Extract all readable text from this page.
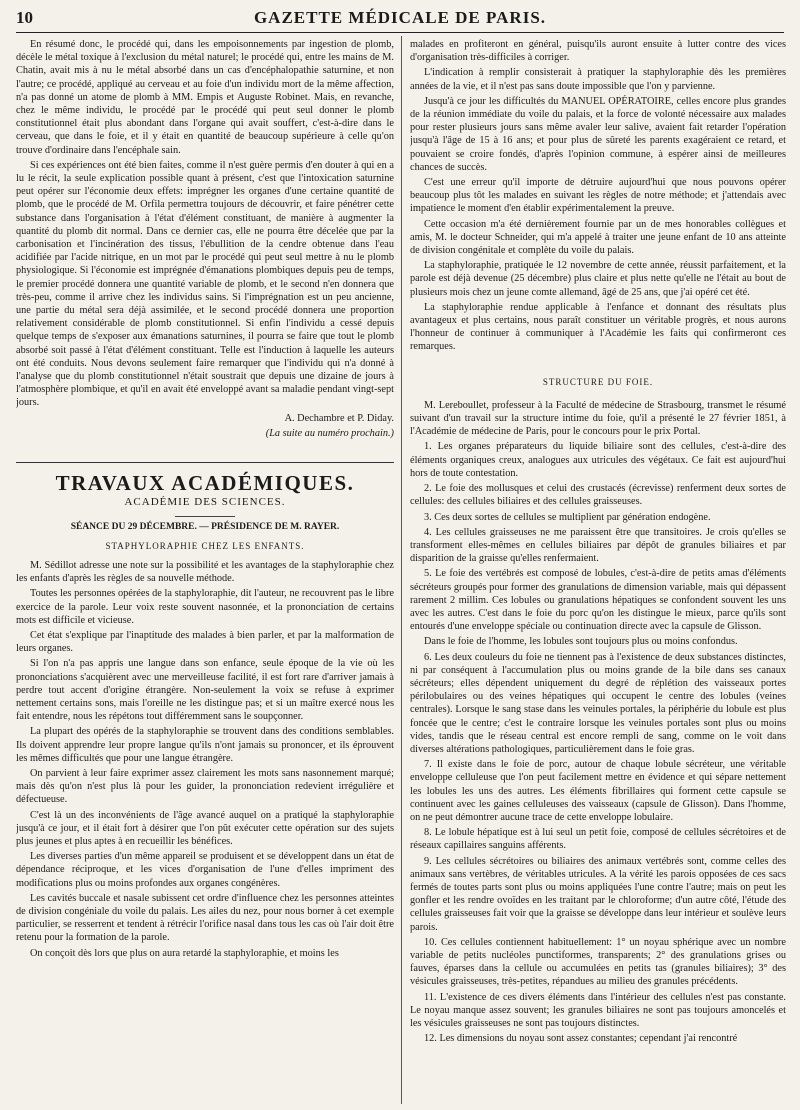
10	GAZETTE MÉDICALE DE PARIS.

En résumé donc, le procédé qui, dans les empoisonnements par ingestion de plomb, décèle le métal toxique à l'exclusion du métal naturel; le procédé qui, entre les mains de M. Chatin, avait mis à nu le métal absorbé dans un cas d'encéphalopathie saturnine, et non l'autre; ce procédé, appliqué au cerveau et au foie d'un individu mort de la même affection, n'a pas donné un atome de plomb à MM. Empis et Auguste Robinet. Mais, en revanche, chez le même individu, le procédé par le procédé qui peut seul donner le plomb constitutionnel était plus abondant dans l'organe qui avait souffert, c'est-à-dire dans le cerveau, que dans le foie, et il y était en quantité de beaucoup supérieure à celle qu'on trouve d'ordinaire dans l'encéphale sain.

Si ces expériences ont été bien faites, comme il n'est guère permis d'en douter à qui en a lu le récit, la seule explication possible quant à présent, c'est que l'intoxication saturnine peut opérer sur l'économie deux effets: imprégner les organes d'une certaine quantité de plomb, que le procédé de M. Orfila permettra toujours de découvrir, et faire pénétrer cette substance dans l'organisation à l'état d'élément constituant, de manière à augmenter la quantité du plomb dit normal. Dans ce dernier cas, elle ne pourra être décelée que par la carbonisation et l'incinération des tissus, l'ébullition de la cendre obtenue dans l'eau acidifiée par l'acide nitrique, en un mot par le procédé qui peut seul mettre à nu le plomb physiologique. Si l'économie est imprégnée d'émanations plombiques depuis peu de temps, le premier procédé donnera une quantité variable de plomb, et le second n'en donnera que très-peu, comme il arrive chez les individus sains. Si l'imprégnation est un peu ancienne, une partie du métal sera déjà assimilée, et le second procédé donnera une proportion relativement considérable de plomb constitutionnel. Si enfin l'individu a cessé depuis quelque temps de s'exposer aux émanations saturnines, il pourra se faire que tout le plomb absorbé soit passé à l'état d'élément constituant. Telle est l'induction à laquelle les auteurs ont été conduits. Nous devons seulement faire remarquer que l'individu qui n'a donné à l'analyse que du plomb constitutionnel n'était soustrait que depuis une dizaine de jours à l'atmosphère plombique, et qu'il en avait été enveloppé avant sa maladie pendant vingt-sept jours.

A. Dechambre et P. Diday.

(La suite au numéro prochain.)

TRAVAUX ACADÉMIQUES.
ACADÉMIE DES SCIENCES.
SÉANCE DU 29 DÉCEMBRE. — PRÉSIDENCE DE M. RAYER.
STAPHYLORAPHIE CHEZ LES ENFANTS.

M. Sédillot adresse une note sur la possibilité et les avantages de la staphyloraphie chez les enfants d'après les règles de sa nouvelle méthode.

Toutes les personnes opérées de la staphyloraphie, dit l'auteur, ne recouvrent pas le libre exercice de la parole. Leur voix reste souvent nasonnée, et la prononciation de certains mots est difficile et vicieuse.

Cet état s'explique par l'inaptitude des malades à bien parler, et par la malformation de leurs organes.

Si l'on n'a pas appris une langue dans son enfance, seule époque de la vie où les prononciations s'acquièrent avec une merveilleuse facilité, il est fort rare d'arriver jamais à perdre tout accent d'origine étrangère. Non-seulement la voix se refuse à exprimer nettement certains sons, mais l'oreille ne les distingue pas; et si un maître exercé nous les fait entendre, nous les répétons tout différemment sans le soupçonner.

La plupart des opérés de la staphyloraphie se trouvent dans des conditions semblables. Ils doivent apprendre leur propre langue qu'ils n'ont jamais su prononcer, et ils éprouvent les mêmes difficultés que pour une langue étrangère.

On parvient à leur faire exprimer assez clairement les mots sans nasonnement marqué; mais dès qu'on n'est plus là pour les guider, la prononciation redevient irrégulière et défectueuse.

C'est là un des inconvénients de l'âge avancé auquel on a pratiqué la staphyloraphie jusqu'à ce jour, et il était fort à désirer que l'on pût exécuter cette opération sur des sujets plus jeunes et plus aptes à en recueillir les bénéfices.

Les diverses parties d'un même appareil se produisent et se développent dans un état de dépendance réciproque, et les vices d'organisation de l'une d'elles impriment des modifications plus ou moins profondes aux organes congénères.

Les cavités buccale et nasale subissent cet ordre d'influence chez les personnes atteintes de division congéniale du voile du palais. Les ailes du nez, pour nous borner à cet exemple particulier, se resserrent et tendent à rétrécir l'orifice nasal dans tous les cas où l'air doit être retenu pour la formation de la parole.

On conçoit dès lors que plus on aura retardé la staphyloraphie, et moins les

malades en profiteront en général, puisqu'ils auront ensuite à lutter contre des vices d'organisation très-difficiles à corriger.

L'indication à remplir consisterait à pratiquer la staphyloraphie dès les premières années de la vie, et il n'est pas sans doute impossible que l'on y parvienne.

Jusqu'à ce jour les difficultés du MANUEL OPÉRATOIRE, celles encore plus grandes de la réunion immédiate du voile du palais, et la force de volonté nécessaire aux malades pour rester plusieurs jours sans même avaler leur salive, avaient fait retarder l'opération jusqu'à l'âge de 15 à 16 ans; et pour plus de sûreté les parents exagéraient ce retard, et pouvaient se croire fondés, d'après l'opinion commune, à espérer ainsi de meilleures chances de succès.

C'est une erreur qu'il importe de détruire aujourd'hui que nous pouvons opérer beaucoup plus tôt les malades en suivant les règles de notre méthode; et j'attendais avec impatience le moment d'en établir expérimentalement la preuve.

Cette occasion m'a été dernièrement fournie par un de mes honorables collègues et amis, M. le docteur Schneider, qui m'a appelé à traiter une jeune enfant de 10 ans atteinte de division congénitale et complète du voile du palais.

La staphyloraphie, pratiquée le 12 novembre de cette année, réussit parfaitement, et la parole est déjà devenue (25 décembre) plus claire et plus nette qu'elle ne l'était au bout de plusieurs mois chez un jeune comte allemand, âgé de 25 ans, que j'ai opéré cet été.

La staphyloraphie rendue applicable à l'enfance et donnant des résultats plus avantageux et plus certains, nous paraît constituer un véritable progrès, et nous aurons l'honneur de continuer à communiquer à l'Académie les faits qui confirmeront ces remarques.

STRUCTURE DU FOIE.

M. Lereboullet, professeur à la Faculté de médecine de Strasbourg, transmet le résumé suivant d'un travail sur la structure intime du foie, qu'il a présenté le 27 février 1851, à l'Académie de médecine de Paris, pour le concours pour le prix Portal.

1. Les organes préparateurs du liquide biliaire sont des cellules, c'est-à-dire des éléments organiques creux, analogues aux utricules des végétaux. Ce fait est aujourd'hui hors de toute contestation.

2. Le foie des mollusques et celui des crustacés (écrevisse) renferment deux sortes de cellules: des cellules biliaires et des cellules graisseuses.

3. Ces deux sortes de cellules se multiplient par génération endogène.

4. Les cellules graisseuses ne me paraissent être que transitoires. Je crois qu'elles se transforment elles-mêmes en cellules biliaires par dépôt de granules biliaires et par disparition de la graisse qu'elles renfermaient.

5. Le foie des vertébrés est composé de lobules, c'est-à-dire de petits amas d'éléments sécréteurs groupés pour former des granulations de dimension variable, mais qui dépassent rarement 2 millim. Ces lobules ou granulations hépatiques se confondent souvent les uns avec les autres. C'est dans le foie du porc qu'on les distingue le mieux, parce qu'ils sont entourés d'une enveloppe spéciale ou continuation directe avec la capsule de Glisson.

Dans le foie de l'homme, les lobules sont toujours plus ou moins confondus.

6. Les deux couleurs du foie ne tiennent pas à l'existence de deux substances distinctes, ni par conséquent à l'accumulation plus ou moins grande de la bile dans ses canaux sécréteurs; elles dépendent uniquement du degré de réplétion des vaisseaux portes périlobulaires ou des veines hépatiques qui occupent le centre des lobules (veines centrales). Lorsque le sang stase dans les veinules portales, la périphérie du lobule est plus foncée que le centre; c'est le contraire lorsque les veinules portales sont plus ou moins vides, tandis que le réseau central est encore rempli de sang, comme on le voit dans diverses altérations pathologiques, particulièrement dans le foie gras.

7. Il existe dans le foie de porc, autour de chaque lobule sécréteur, une véritable enveloppe celluleuse que l'on peut facilement mettre en évidence et qui sépare nettement les lobules les uns des autres. Les éléments fibrillaires qui forment cette capsule se continuent avec les gaines celluleuses des vaisseaux (capsule de Glisson). Dans l'homme, on ne peut démontrer aucune trace de cette enveloppe lobulaire.

8. Le lobule hépatique est à lui seul un petit foie, composé de cellules sécrétoires et de réseaux capillaires sanguins afférents.

9. Les cellules sécrétoires ou biliaires des animaux vertébrés sont, comme celles des animaux sans vertèbres, de véritables utricules. A la vérité les parois opposées de ces sacs fermés de toutes parts sont plus ou moins appliquées l'une contre l'autre; mais on peut les gonfler et les rendre ovoïdes en les traitant par le chloroforme; d'un autre côté, l'étude des cellules graisseuses fait voir que la graisse se développe dans leur intérieur et soulève leurs parois.

10. Ces cellules contiennent habituellement: 1° un noyau sphérique avec un nombre variable de petits nucléoles punctiformes, transparents; 2° des granulations grises ou fauves, éparses dans la cellule ou accumulées en petits tas (granules biliaires); 3° des vésicules graisseuses, très-petites, répandues au milieu des granules précédents.

11. L'existence de ces divers éléments dans l'intérieur des cellules n'est pas constante. Le noyau manque assez souvent; les granules biliaires ne sont pas toujours amoncelés et les vésicules graisseuses ne sont pas toujours distinctes.

12. Les dimensions du noyau sont assez constantes; cependant j'ai rencontré
